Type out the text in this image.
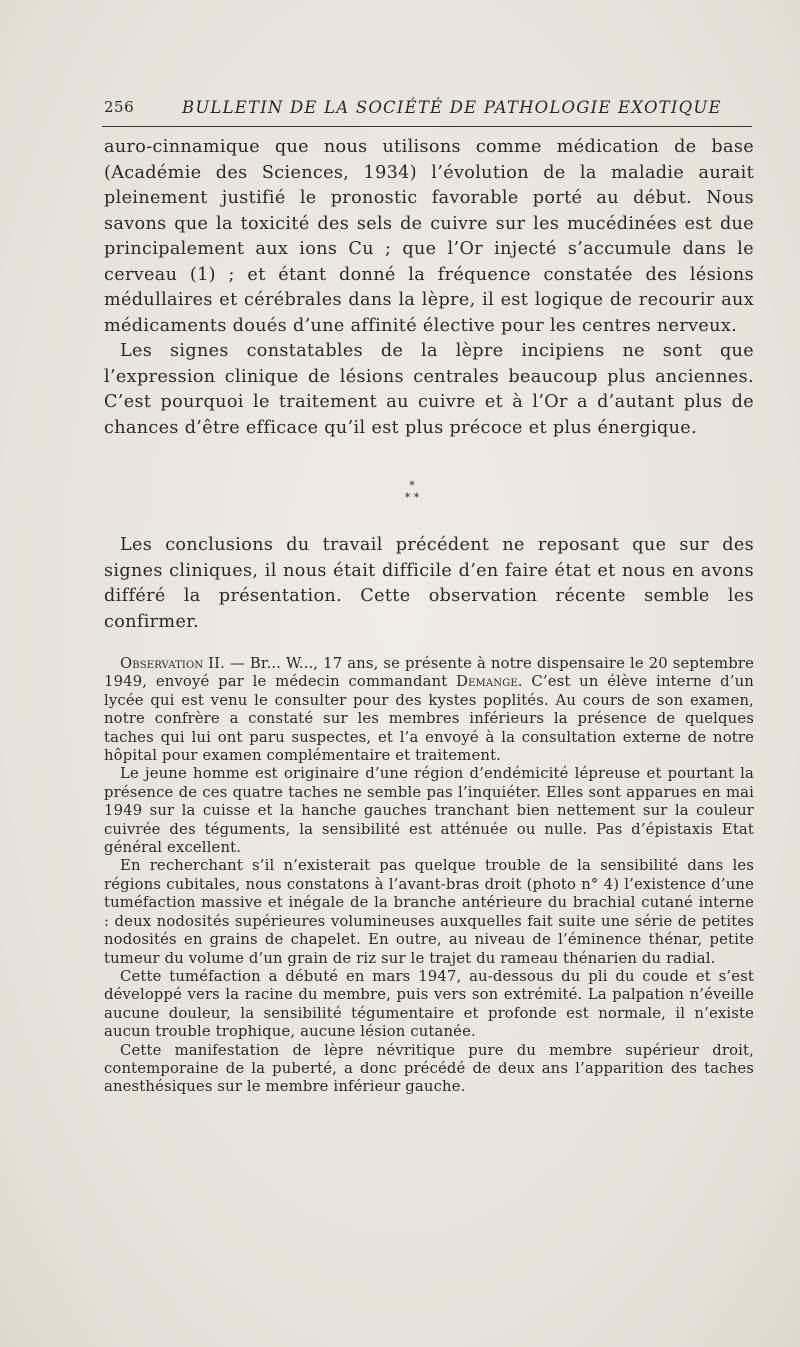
256	BULLETIN DE LA SOCIÉTÉ DE PATHOLOGIE EXOTIQUE

auro-cinnamique que nous utilisons comme médication de base (Académie des Sciences, 1934) l’évolution de la maladie aurait pleinement justifié le pronostic favorable porté au début. Nous savons que la toxicité des sels de cuivre sur les mucédinées est due principalement aux ions Cu ; que l’Or injecté s’accumule dans le cerveau (1) ; et étant donné la fréquence constatée des lésions médullaires et cérébrales dans la lèpre, il est logique de recourir aux médicaments doués d’une affinité élective pour les centres nerveux.

Les signes constatables de la lèpre incipiens ne sont que l’expression clinique de lésions centrales beaucoup plus anciennes. C’est pourquoi le traitement au cuivre et à l’Or a d’autant plus de chances d’être efficace qu’il est plus précoce et plus énergique.

*
* *

Les conclusions du travail précédent ne reposant que sur des signes cliniques, il nous était difficile d’en faire état et nous en avons différé la présentation. Cette observation récente semble les confirmer.

Observation II. — Br... W..., 17 ans, se présente à notre dispensaire le 20 septembre 1949, envoyé par le médecin commandant Demange. C’est un élève interne d’un lycée qui est venu le consulter pour des kystes poplités. Au cours de son examen, notre confrère a constaté sur les membres inférieurs la présence de quelques taches qui lui ont paru suspectes, et l’a envoyé à la consultation externe de notre hôpital pour examen complémentaire et traitement.

Le jeune homme est originaire d’une région d’endémicité lépreuse et pourtant la présence de ces quatre taches ne semble pas l’inquiéter. Elles sont apparues en mai 1949 sur la cuisse et la hanche gauches tranchant bien nettement sur la couleur cuivrée des téguments, la sensibilité est atténuée ou nulle. Pas d’épistaxis Etat général excellent.

En recherchant s’il n’existerait pas quelque trouble de la sensibilité dans les régions cubitales, nous constatons à l’avant-bras droit (photo n° 4) l’existence d’une tuméfaction massive et inégale de la branche antérieure du brachial cutané interne : deux nodosités supérieures volumineuses auxquelles fait suite une série de petites nodosités en grains de chapelet. En outre, au niveau de l’éminence thénar, petite tumeur du volume d’un grain de riz sur le trajet du rameau thénarien du radial.

Cette tuméfaction a débuté en mars 1947, au-dessous du pli du coude et s’est développé vers la racine du membre, puis vers son extrémité. La palpation n’éveille aucune douleur, la sensibilité tégumentaire et profonde est normale, il n’existe aucun trouble trophique, aucune lésion cutanée.

Cette manifestation de lèpre névritique pure du membre supérieur droit, contemporaine de la puberté, a donc précédé de deux ans l’apparition des taches anesthésiques sur le membre inférieur gauche.
